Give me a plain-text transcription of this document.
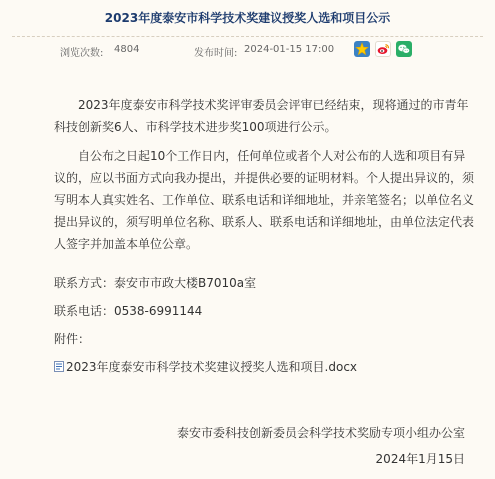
2023年度泰安市科学技术奖建议授奖人选和项目公示
浏览次数: 4804	发布时间: 2024-01-15 17:00

2023年度泰安市科学技术奖评审委员会评审已经结束，现将通过的市青年科技创新奖6人、市科学技术进步奖100项进行公示。

自公布之日起10个工作日内，任何单位或者个人对公布的人选和项目有异议的，应以书面方式向我办提出，并提供必要的证明材料。个人提出异议的，须写明本人真实姓名、工作单位、联系电话和详细地址，并亲笔签名；以单位名义提出异议的，须写明单位名称、联系人、联系电话和详细地址，由单位法定代表人签字并加盖本单位公章。

联系方式：泰安市市政大楼B7010a室
联系电话：0538-6991144
附件：
2023年度泰安市科学技术奖建议授奖人选和项目.docx
泰安市委科技创新委员会科学技术奖励专项小组办公室
2024年1月15日
